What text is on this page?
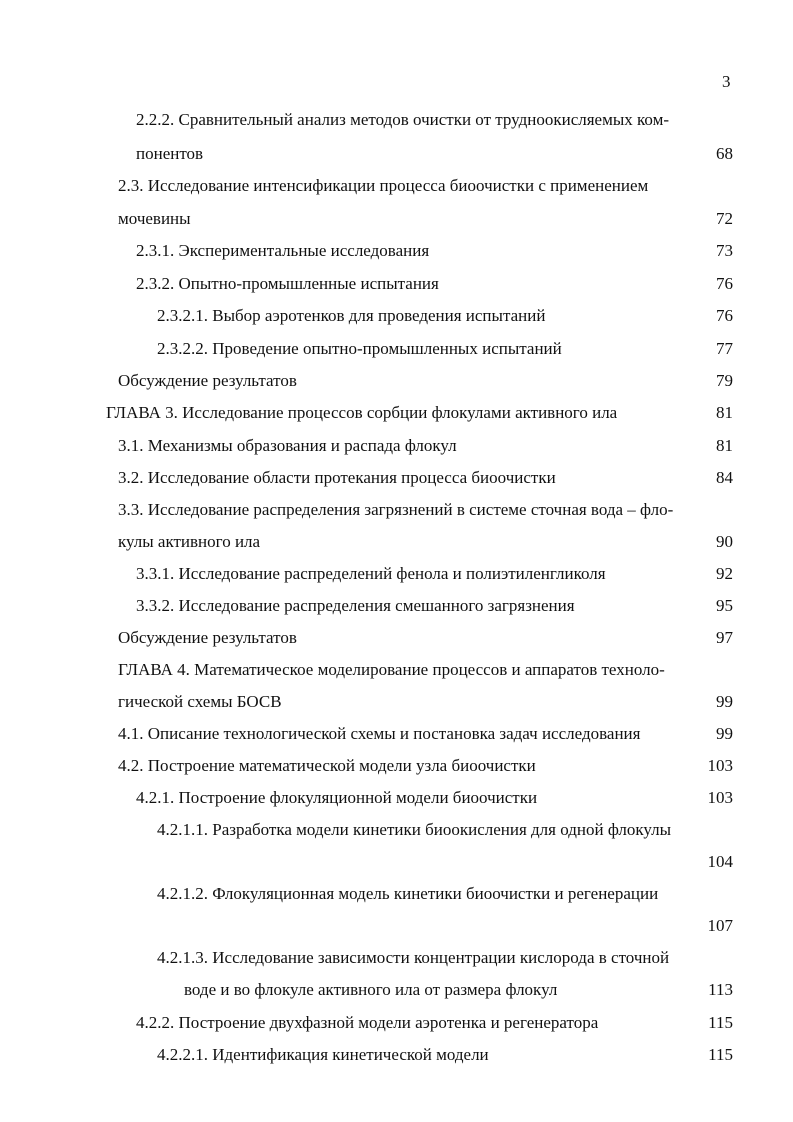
3
2.2.2. Сравнительный анализ методов очистки от трудноокисляемых ком-
понентов	68
2.3. Исследование интенсификации процесса биоочистки с применением
мочевины	72
2.3.1. Экспериментальные исследования	73
2.3.2. Опытно-промышленные испытания	76
2.3.2.1. Выбор аэротенков для проведения испытаний	76
2.3.2.2. Проведение опытно-промышленных испытаний	77
Обсуждение результатов	79
ГЛАВА 3. Исследование процессов сорбции флокулами активного ила	81
3.1. Механизмы образования и распада флокул	81
3.2. Исследование области протекания процесса биоочистки	84
3.3. Исследование распределения загрязнений в системе сточная вода – фло-
кулы активного ила	90
3.3.1. Исследование распределений фенола и полиэтиленгликоля	92
3.3.2. Исследование распределения смешанного загрязнения	95
Обсуждение результатов	97
ГЛАВА 4. Математическое моделирование процессов и аппаратов техноло-
гической схемы БОСВ	99
4.1. Описание технологической схемы и постановка задач исследования	99
4.2. Построение математической модели узла биоочистки	103
4.2.1. Построение флокуляционной модели биоочистки	103
4.2.1.1. Разработка модели кинетики биоокисления для одной флокулы
104
4.2.1.2. Флокуляционная модель кинетики биоочистки и регенерации
107
4.2.1.3. Исследование зависимости концентрации кислорода в сточной
воде и во флокуле активного ила от размера флокул	113
4.2.2. Построение двухфазной модели аэротенка и регенератора	115
4.2.2.1. Идентификация кинетической модели	115
